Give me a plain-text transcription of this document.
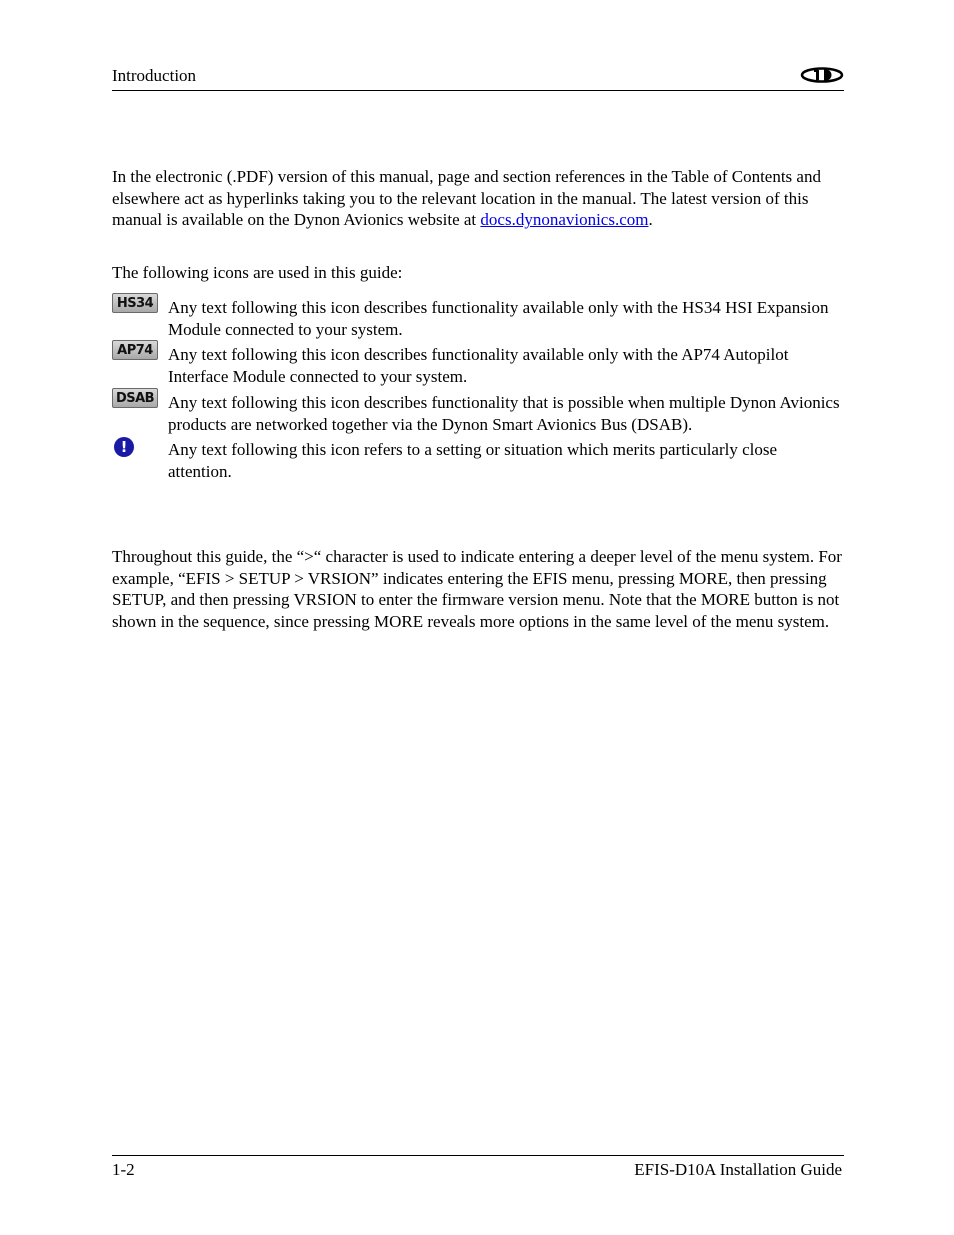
Introduction

In the electronic (.PDF) version of this manual, page and section references in the Table of Contents and elsewhere act as hyperlinks taking you to the relevant location in the manual. The latest version of this manual is available on the Dynon Avionics website at docs.dynonavionics.com.

The following icons are used in this guide:

HS34 Any text following this icon describes functionality available only with the HS34 HSI Expansion Module connected to your system.
AP74 Any text following this icon describes functionality available only with the AP74 Autopilot Interface Module connected to your system.
DSAB Any text following this icon describes functionality that is possible when multiple Dynon Avionics products are networked together via the Dynon Smart Avionics Bus (DSAB).
!	Any text following this icon refers to a setting or situation which merits particularly close attention.

Throughout this guide, the “>“ character is used to indicate entering a deeper level of the menu system. For example, “EFIS > SETUP > VRSION” indicates entering the EFIS menu, pressing MORE, then pressing SETUP, and then pressing VRSION to enter the firmware version menu. Note that the MORE button is not shown in the sequence, since pressing MORE reveals more options in the same level of the menu system.

1-2	EFIS-D10A Installation Guide
